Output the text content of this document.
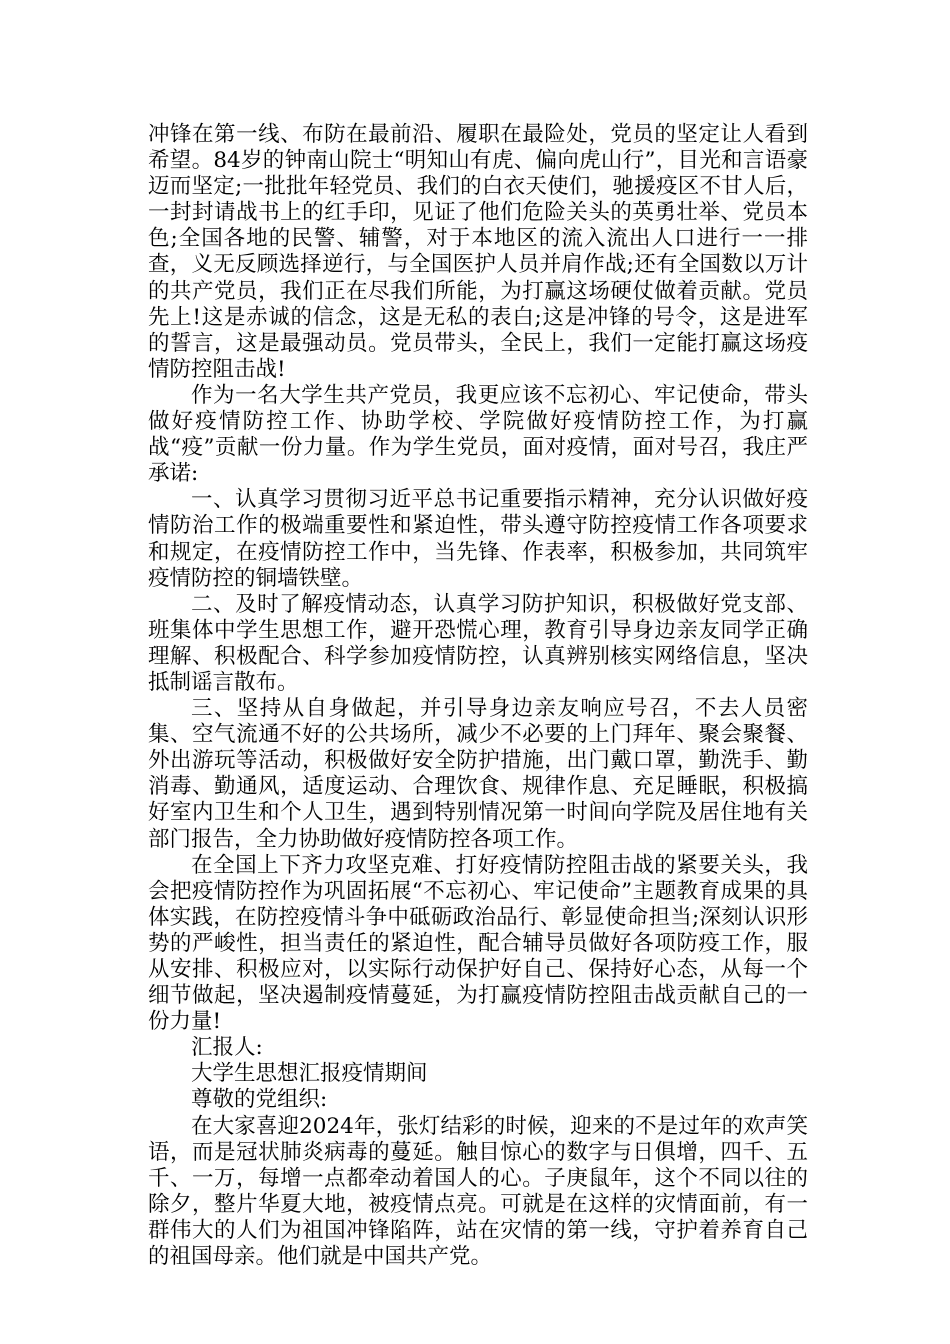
冲锋在第一线、布防在最前沿、履职在最险处，党员的坚定让人看到希望。84岁的钟南山院士“明知山有虎、偏向虎山行”，目光和言语豪迈而坚定;一批批年轻党员、我们的白衣天使们，驰援疫区不甘人后，一封封请战书上的红手印，见证了他们危险关头的英勇壮举、党员本色;全国各地的民警、辅警，对于本地区的流入流出人口进行一一排查，义无反顾选择逆行，与全国医护人员并肩作战;还有全国数以万计的共产党员，我们正在尽我们所能，为打赢这场硬仗做着贡献。党员先上!这是赤诚的信念，这是无私的表白;这是冲锋的号令，这是进军的誓言，这是最强动员。党员带头，全民上，我们一定能打赢这场疫情防控阻击战!

作为一名大学生共产党员，我更应该不忘初心、牢记使命，带头做好疫情防控工作、协助学校、学院做好疫情防控工作，为打赢战“疫”贡献一份力量。作为学生党员，面对疫情，面对号召，我庄严承诺:

一、认真学习贯彻习近平总书记重要指示精神，充分认识做好疫情防治工作的极端重要性和紧迫性，带头遵守防控疫情工作各项要求和规定，在疫情防控工作中，当先锋、作表率，积极参加，共同筑牢疫情防控的铜墙铁壁。

二、及时了解疫情动态，认真学习防护知识，积极做好党支部、班集体中学生思想工作，避开恐慌心理，教育引导身边亲友同学正确理解、积极配合、科学参加疫情防控，认真辨别核实网络信息，坚决抵制谣言散布。

三、坚持从自身做起，并引导身边亲友响应号召，不去人员密集、空气流通不好的公共场所，减少不必要的上门拜年、聚会聚餐、外出游玩等活动，积极做好安全防护措施，出门戴口罩，勤洗手、勤消毒、勤通风，适度运动、合理饮食、规律作息、充足睡眠，积极搞好室内卫生和个人卫生，遇到特别情况第一时间向学院及居住地有关部门报告，全力协助做好疫情防控各项工作。

在全国上下齐力攻坚克难、打好疫情防控阻击战的紧要关头，我会把疫情防控作为巩固拓展“不忘初心、牢记使命”主题教育成果的具体实践，在防控疫情斗争中砥砺政治品行、彰显使命担当;深刻认识形势的严峻性，担当责任的紧迫性，配合辅导员做好各项防疫工作，服从安排、积极应对，以实际行动保护好自己、保持好心态，从每一个细节做起，坚决遏制疫情蔓延，为打赢疫情防控阻击战贡献自己的一份力量!

汇报人:

大学生思想汇报疫情期间

尊敬的党组织:

在大家喜迎2024年，张灯结彩的时候，迎来的不是过年的欢声笑语，而是冠状肺炎病毒的蔓延。触目惊心的数字与日俱增，四千、五千、一万，每增一点都牵动着国人的心。子庚鼠年，这个不同以往的除夕，整片华夏大地，被疫情点亮。可就是在这样的灾情面前，有一群伟大的人们为祖国冲锋陷阵，站在灾情的第一线，守护着养育自己的祖国母亲。他们就是中国共产党。
